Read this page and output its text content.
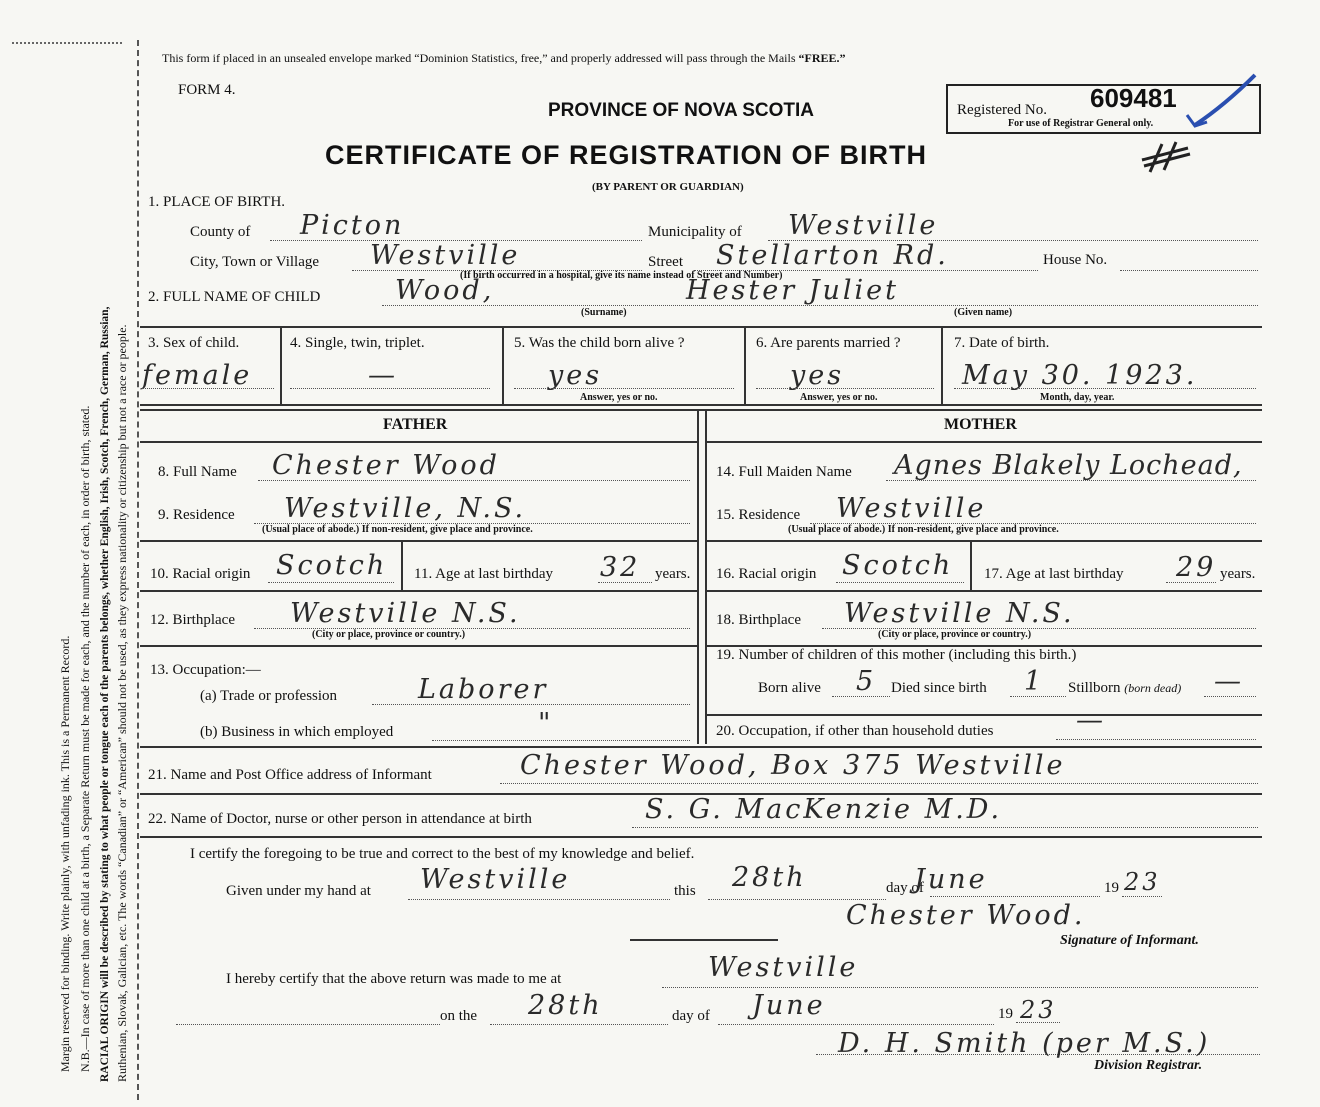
Margin reserved for binding. Write plainly, with unfading ink. This is a Permanent Record. N.B.—In case of more than one child at a birth, a Separate Return must be made for each, and the number of each, in order of birth, stated. RACIAL ORIGIN will be described by stating to what people or tongue each of the parents belongs, whether English, Irish, Scotch, French, German, Russian, Ruthenian, Slovak, Galician, etc. The words “Canadian” or “American” should not be used, as they express nationality or citizenship but not a race or people.
This form if placed in an unsealed envelope marked “Dominion Statistics, free,” and properly addressed will pass through the Mails “FREE.”
FORM 4.
PROVINCE OF NOVA SCOTIA
CERTIFICATE OF REGISTRATION OF BIRTH
(BY PARENT OR GUARDIAN)
Registered No. 609481
For use of Registrar General only.
1. PLACE OF BIRTH.
County of Picton	Municipality of Westville
City, Town or Village Westville	Street Stellarton Rd.	House No.
(If birth occurred in a hospital, give its name instead of Street and Number)
2. FULL NAME OF CHILD	Wood,	Hester Juliet
(Surname)	(Given name)
3. Sex of child.
female
4. Single, twin, triplet.
—
5. Was the child born alive ?
yes
Answer, yes or no.
6. Are parents married ?
yes
Answer, yes or no.
7. Date of birth.
May 30. 1923.
Month, day, year.
FATHER	MOTHER
8. Full Name Chester Wood	14. Full Maiden Name Agnes Blakely Lochead,
9. Residence Westville, N.S.
(Usual place of abode.) If non-resident, give place and province.
15. Residence Westville
(Usual place of abode.) If non-resident, give place and province.
10. Racial origin Scotch 11. Age at last birthday 32 years. 16. Racial origin Scotch 17. Age at last birthday 29 years.
12. Birthplace Westville N.S.
(City or place, province or country.)
18. Birthplace Westville N.S.
(City or place, province or country.)
13. Occupation:—
(a) Trade or profession	Laborer
(b) Business in which employed	"
19. Number of children of this mother (including this birth.)
Born alive 5 Died since birth 1 Stillborn (born dead) —
20. Occupation, if other than household duties	—
21. Name and Post Office address of Informant	Chester Wood, Box 375 Westville
22. Name of Doctor, nurse or other person in attendance at birth	S. G. MacKenzie M.D.
I certify the foregoing to be true and correct to the best of my knowledge and belief.
Given under my hand at Westville	this 28th	day of
June	19 23
Chester Wood.
Signature of Informant.
I hereby certify that the above return was made to me at	Westville
on the 28th	day of June	19 23
D. H. Smith (per M.S.)
Division Registrar.
